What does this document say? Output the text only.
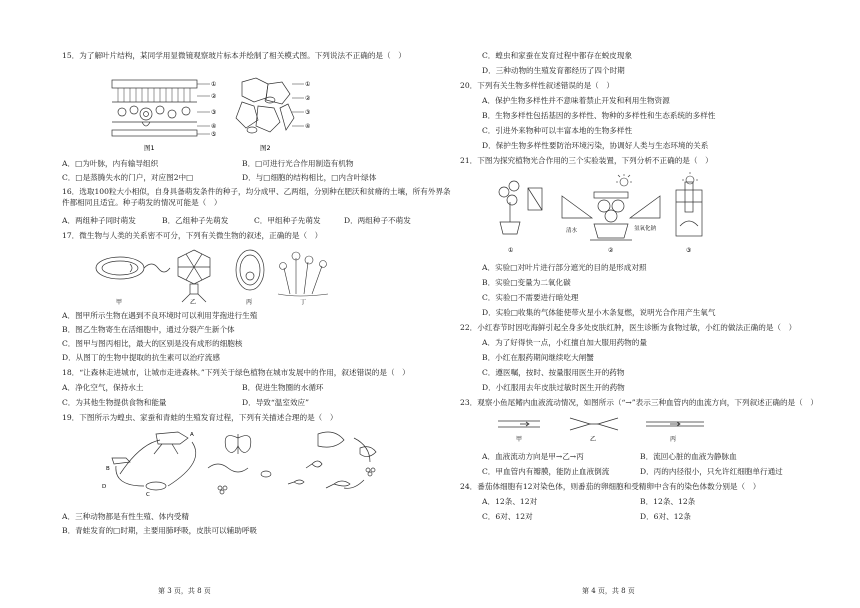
15．为了解叶片结构，某同学用显微镜观察玻片标本并绘制了相关模式图。下列说法不正确的是（　）
①
②
③
④
⑤
图1
①
②
③
④
图2
A．□为叶脉，内有输导组织	B．□可进行光合作用制造有机物
C．□是蒸腾失水的门户，对应图2中□	D．与□细胞的结构相比，□内含叶绿体
16．选取100粒大小相似，自身具备萌发条件的种子，均分成甲、乙两组，分别种在肥沃和贫瘠的土壤，所有外界条件都相同且适宜。种子萌发的情况可能是（　）
A．两组种子同时萌发	B．乙组种子先萌发	C．甲组种子先萌发	D．两组种子不萌发
17．微生物与人类的关系密不可分，下列有关微生物的叙述，正确的是（　）
甲	乙	丙	丁
A．图甲所示生物在遇到不良环境时可以利用芽孢进行生殖
B．图乙生物寄生在活细胞中，通过分裂产生新个体
C．图甲与图丙相比，最大的区别是没有成形的细胞核
D．从图丁的生物中提取的抗生素可以治疗流感
18．“让森林走进城市，让城市走进森林。”下列关于绿色植物在城市发展中的作用，叙述错误的是（　）
A．净化空气，保持水土	B．促进生物圈的水循环
C．为其他生物提供食物和能量	D．导致“温室效应”
19．下图所示为蝗虫、家蚕和青蛙的生殖发育过程，下列有关描述合理的是（　）
A
B
C
D
A．三种动物都是有性生殖、体内受精
B．青蛙发育的□时期，主要用肺呼吸，皮肤可以辅助呼吸
第 3 页，共 8 页
C．蝗虫和家蚕在发育过程中都存在蜕皮现象
D．三种动物的生殖发育都经历了四个时期
20．下列有关生物多样性叙述错误的是（　）
A．保护生物多样性并不意味着禁止开发和利用生物资源
B．生物多样性包括基因的多样性、物种的多样性和生态系统的多样性
C．引进外来物种可以丰富本地的生物多样性
D．保护生物多样性要防治环境污染，协调好人类与生态环境的关系
21．下图为探究植物光合作用的三个实验装置，下列分析不正确的是（　）
①	②	③
清水	氢氧化钠
A．实验□对叶片进行部分遮光的目的是形成对照
B．实验□变量为二氧化碳
C．实验□不需要进行暗处理
D．实验□收集的气体能使带火星小木条复燃，说明光合作用产生氧气
22．小红春节时因吃海鲜引起全身多处皮肤红肿，医生诊断为食物过敏，小红的做法正确的是（　）
A．为了好得快一点，小红擅自加大服用药物的量
B．小红在服药期间继续吃大闸蟹
C．遵医嘱，按时、按量服用医生开的药物
D．小红服用去年皮肤过敏时医生开的药物
23．观察小鱼尾鳍内血液流动情况，如图所示（“→”表示三种血管内的血流方向，下列叙述正确的是（　）
甲	乙	丙
A．血液流动方向是甲→乙→丙	B．流回心脏的血液为静脉血
C．甲血管内有瓣膜，能防止血液倒流	D．丙的内径很小，只允许红细胞单行通过
24．番茄体细胞有12对染色体，则番茄的卵细胞和受精卵中含有的染色体数分别是（　）
A．12条、12对	B．12条、12条
C．6对、12对	D．6对、12条
第 4 页，共 8 页
